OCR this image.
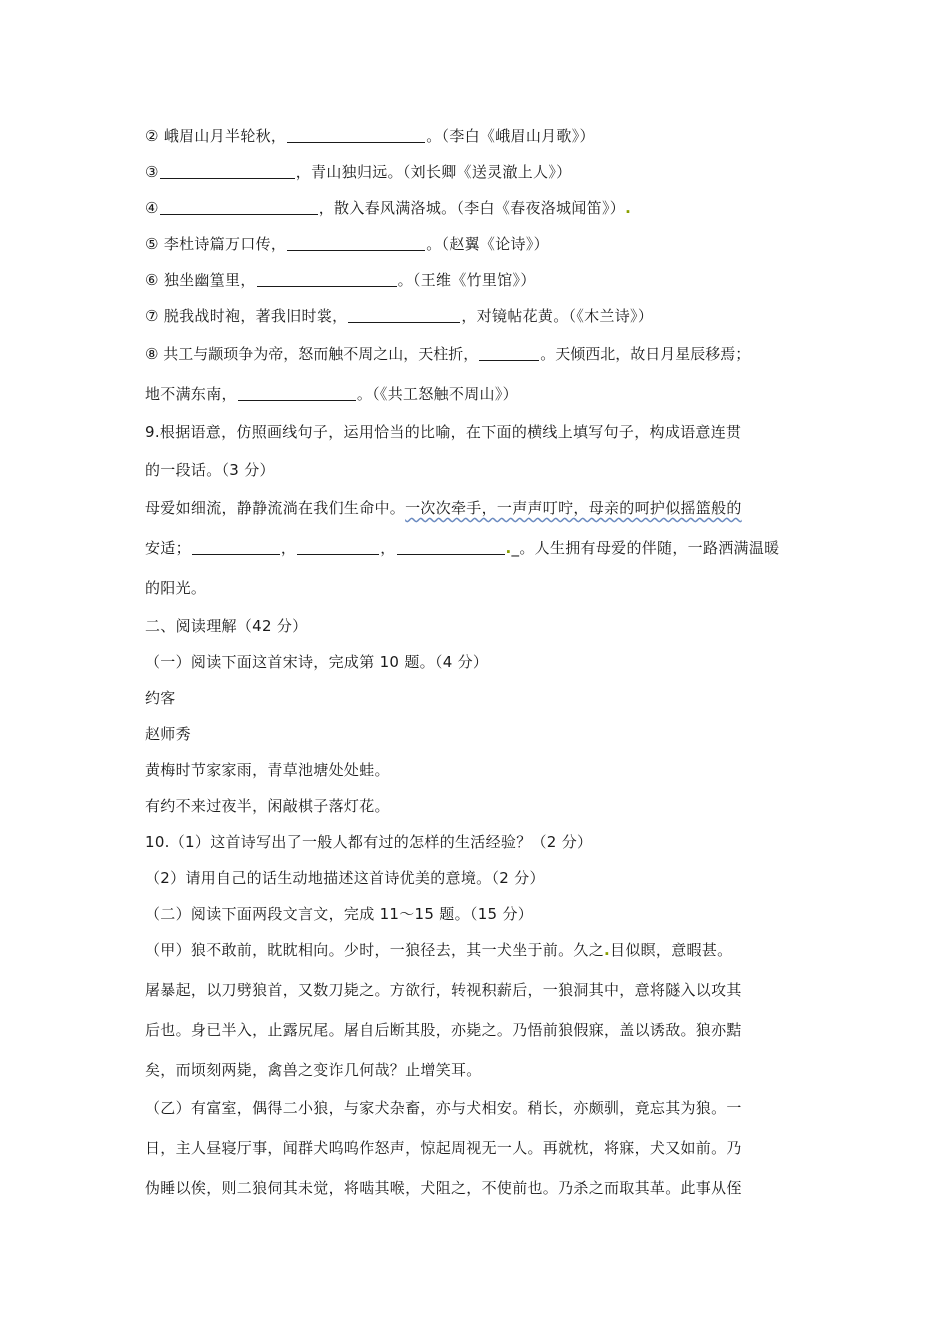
② 峨眉山月半轮秋，	。（李白《峨眉山月歌》）
③	，青山独归远。（刘长卿《送灵澈上人》）
④	，散入春风满洛城。（李白《春夜洛城闻笛》）.
⑤ 李杜诗篇万口传，	。（赵翼《论诗》）
⑥ 独坐幽篁里，	。（王维《竹里馆》）
⑦ 脱我战时袍，著我旧时裳，	，对镜帖花黄。（《木兰诗》）
⑧ 共工与颛顼争为帝，怒而触不周之山，天柱折，	。天倾西北，故日月星辰移焉；
地不满东南，	。（《共工怒触不周山》）
9.根据语意，仿照画线句子，运用恰当的比喻，在下面的横线上填写句子，构成语意连贯
的一段话。（3 分）
母爱如细流，静静流淌在我们生命中。一次次牵手，一声声叮咛，母亲的呵护似摇篮般的
安适；	，	，	._。人生拥有母爱的伴随，一路洒满温暖
的阳光。
二、阅读理解（42 分）
（一）阅读下面这首宋诗，完成第 10 题。（4 分）
约客
赵师秀
黄梅时节家家雨，青草池塘处处蛙。
有约不来过夜半，闲敲棋子落灯花。
10.（1）这首诗写出了一般人都有过的怎样的生活经验？（2 分）
（2）请用自己的话生动地描述这首诗优美的意境。（2 分）
（二）阅读下面两段文言文，完成 11～15 题。（15 分）
（甲）狼不敢前，眈眈相向。少时，一狼径去，其一犬坐于前。久之.目似瞑，意暇甚。
屠暴起，以刀劈狼首，又数刀毙之。方欲行，转视积薪后，一狼洞其中，意将隧入以攻其
后也。身已半入，止露尻尾。屠自后断其股，亦毙之。乃悟前狼假寐，盖以诱敌。狼亦黠
矣，而顷刻两毙，禽兽之变诈几何哉？止增笑耳。
（乙）有富室，偶得二小狼，与家犬杂畜，亦与犬相安。稍长，亦颇驯，竟忘其为狼。一
日，主人昼寝厅事，闻群犬呜呜作怒声，惊起周视无一人。再就枕，将寐，犬又如前。乃
伪睡以俟，则二狼伺其未觉，将啮其喉，犬阻之，不使前也。乃杀之而取其革。此事从侄
